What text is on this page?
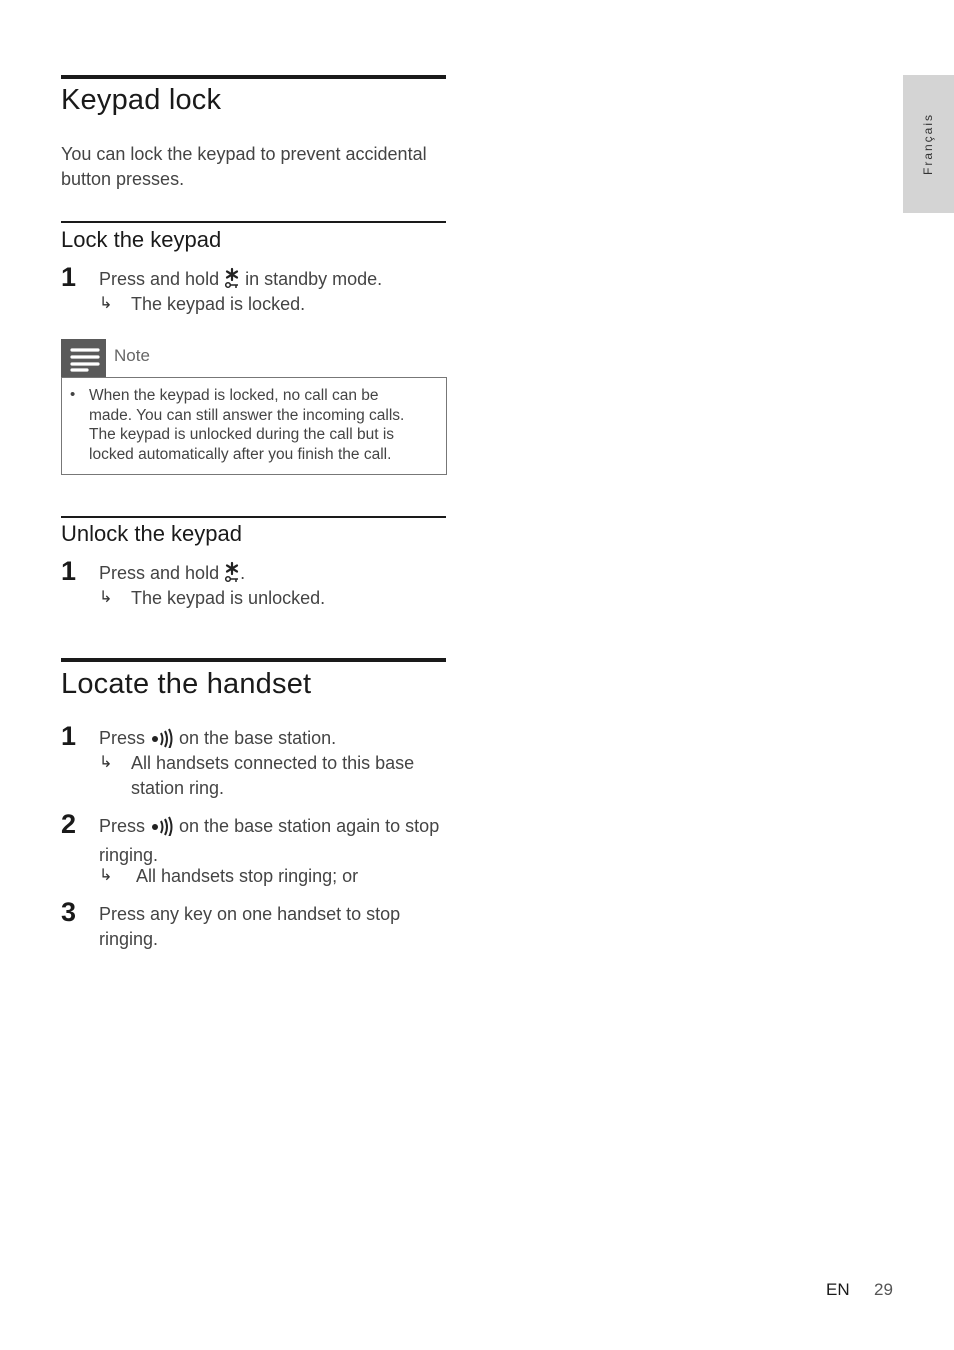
Français
Keypad lock
You can lock the keypad to prevent accidental
button presses.
Lock the keypad
1 Press and hold  in standby mode.
↳ The keypad is locked.
Note
• When the keypad is locked, no call can be
made. You can still answer the incoming calls.
The keypad is unlocked during the call but is
locked automatically after you finish the call.
Unlock the keypad
1 Press and hold .
↳ The keypad is unlocked.
Locate the handset
1 Press  on the base station.
↳ All handsets connected to this base
station ring.
2 Press  on the base station again to stop
ringing.
↳ All handsets stop ringing; or
3 Press any key on one handset to stop
ringing.
EN 29
